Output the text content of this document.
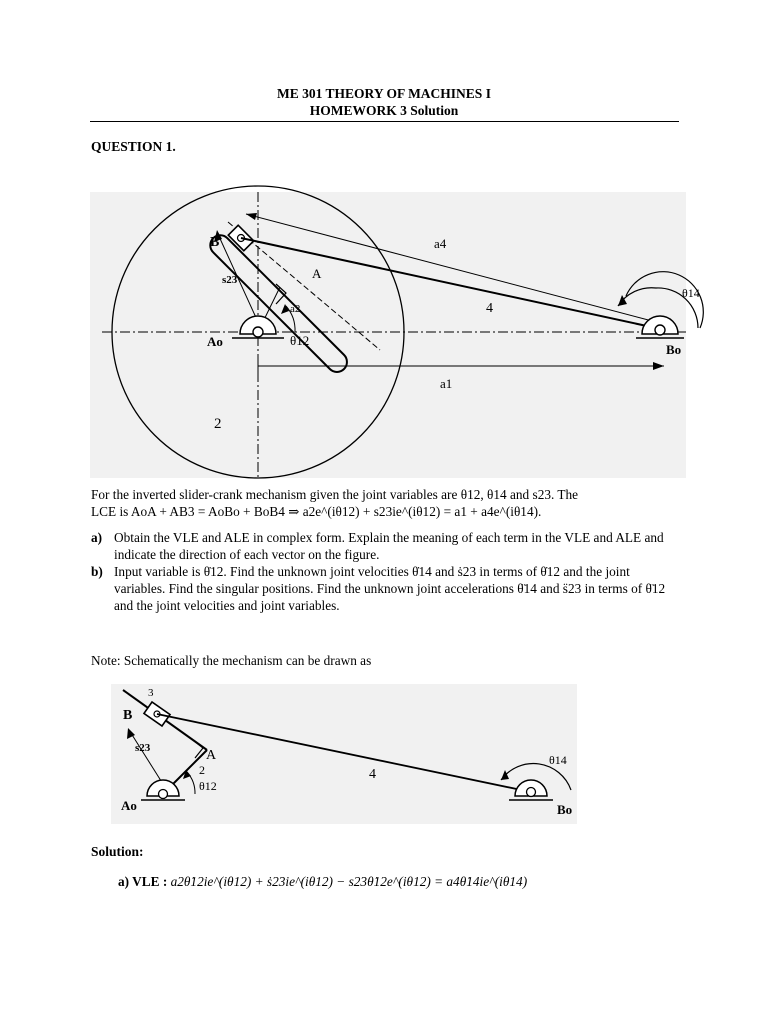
ME 301 THEORY OF MACHINES I
HOMEWORK 3 Solution
QUESTION 1.
B
A
Ao
Bo
a4
4
s23
a2
θ12
θ14
a1
2
For the inverted slider-crank mechanism given the joint variables are θ12, θ14 and s23. The
LCE is AoA + AB3 = AoBo + BoB4 ⇒ a2e^(iθ12) + s23ie^(iθ12) = a1 + a4e^(iθ14).
a) Obtain the VLE and ALE in complex form. Explain the meaning of each term in the VLE and ALE and indicate the direction of each vector on the figure.
b) Input variable is θ̇12. Find the unknown joint velocities θ̇14 and ṡ23 in terms of θ̇12 and the joint variables. Find the singular positions. Find the unknown joint accelerations θ̈14 and s̈23 in terms of θ̈12 and the joint velocities and joint variables.
Note: Schematically the mechanism can be drawn as
3
B
A
s23
2
θ12
Ao
4
θ14
Bo
Solution:
a) VLE : a2θ̇12ie^(iθ12) + ṡ23ie^(iθ12) − s23θ̇12e^(iθ12) = a4θ̇14ie^(iθ14)
